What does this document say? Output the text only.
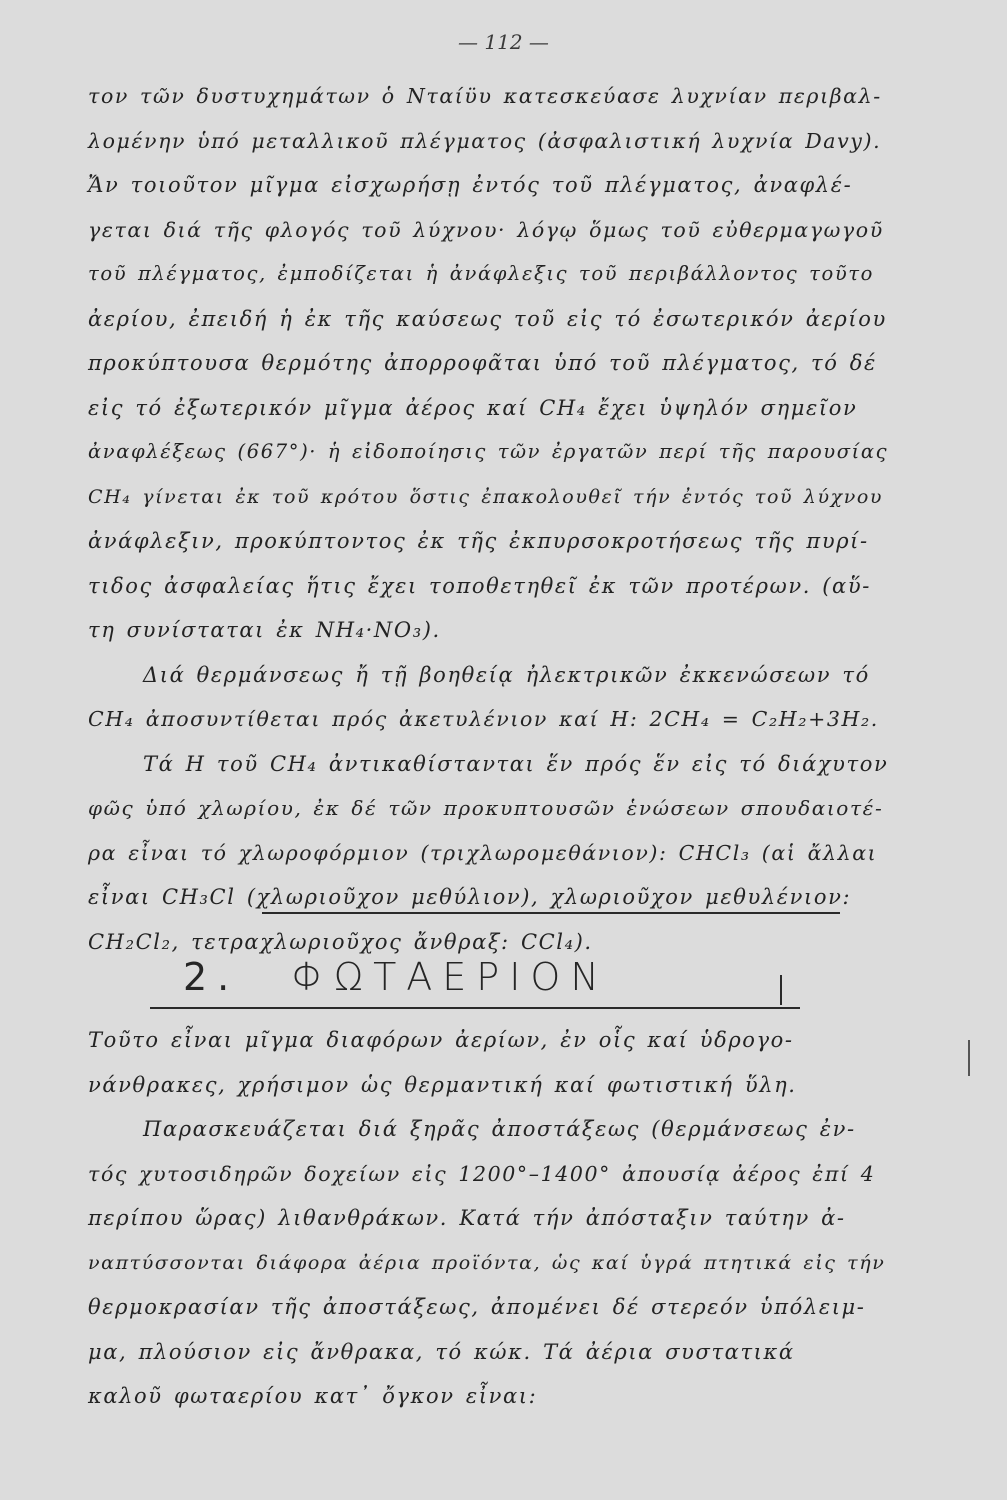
— 112 —
τον τῶν δυστυχημάτων ὁ Νταίϋυ κατεσκεύασε λυχνίαν περιβαλ-
λομένην ὑπό μεταλλικοῦ πλέγματος (ἀσφαλιστική λυχνία Davy).
Ἄν τοιοῦτον μῖγμα εἰσχωρήσῃ ἐντός τοῦ πλέγματος, ἀναφλέ-
γεται διά τῆς φλογός τοῦ λύχνου· λόγῳ ὅμως τοῦ εὐθερμαγωγοῦ
τοῦ πλέγματος, ἐμποδίζεται ἡ ἀνάφλεξις τοῦ περιβάλλοντος τοῦτο
ἀερίου, ἐπειδή ἡ ἐκ τῆς καύσεως τοῦ εἰς τό ἐσωτερικόν ἀερίου
προκύπτουσα θερμότης ἀπορροφᾶται ὑπό τοῦ πλέγματος, τό δέ
εἰς τό ἐξωτερικόν μῖγμα ἀέρος καί CH₄ ἔχει ὑψηλόν σημεῖον
ἀναφλέξεως (667°)· ἡ εἰδοποίησις τῶν ἐργατῶν περί τῆς παρουσίας
CH₄ γίνεται ἐκ τοῦ κρότου ὅστις ἐπακολουθεῖ τήν ἐντός τοῦ λύχνου
ἀνάφλεξιν, προκύπτοντος ἐκ τῆς ἐκπυρσοκροτήσεως τῆς πυρί-
τιδος ἀσφαλείας ἥτις ἔχει τοποθετηθεῖ ἐκ τῶν προτέρων. (αὕ-
τη συνίσταται ἐκ NH₄·NO₃).
Διά θερμάνσεως ἤ τῇ βοηθείᾳ ἠλεκτρικῶν ἐκκενώσεων τό
CH₄ ἀποσυντίθεται πρός ἀκετυλένιον καί H: 2CH₄ = C₂H₂+3H₂.
Τά H τοῦ CH₄ ἀντικαθίστανται ἕν πρός ἕν εἰς τό διάχυτον
φῶς ὑπό χλωρίου, ἐκ δέ τῶν προκυπτουσῶν ἑνώσεων σπουδαιοτέ-
ρα εἶναι τό χλωροφόρμιον (τριχλωρομεθάνιον): CHCl₃ (αἱ ἄλλαι
εἶναι CH₃Cl (χλωριοῦχον μεθύλιον), χλωριοῦχον μεθυλένιον:
CH₂Cl₂, τετραχλωριοῦχος ἄνθραξ: CCl₄).
2. ΦΩΤΑΕΡΙΟΝ
Τοῦτο εἶναι μῖγμα διαφόρων ἀερίων, ἐν οἷς καί ὑδρογο-
νάνθρακες, χρήσιμον ὡς θερμαντική καί φωτιστική ὕλη.
Παρασκευάζεται διά ξηρᾶς ἀποστάξεως (θερμάνσεως ἐν-
τός χυτοσιδηρῶν δοχείων εἰς 1200°–1400° ἀπουσίᾳ ἀέρος ἐπί 4
περίπου ὥρας) λιθανθράκων. Κατά τήν ἀπόσταξιν ταύτην ἀ-
ναπτύσσονται διάφορα ἀέρια προϊόντα, ὡς καί ὑγρά πτητικά εἰς τήν
θερμοκρασίαν τῆς ἀποστάξεως, ἀπομένει δέ στερεόν ὑπόλειμ-
μα, πλούσιον εἰς ἄνθρακα, τό κώκ. Τά ἀέρια συστατικά
καλοῦ φωταερίου κατ᾽ ὄγκον εἶναι:
